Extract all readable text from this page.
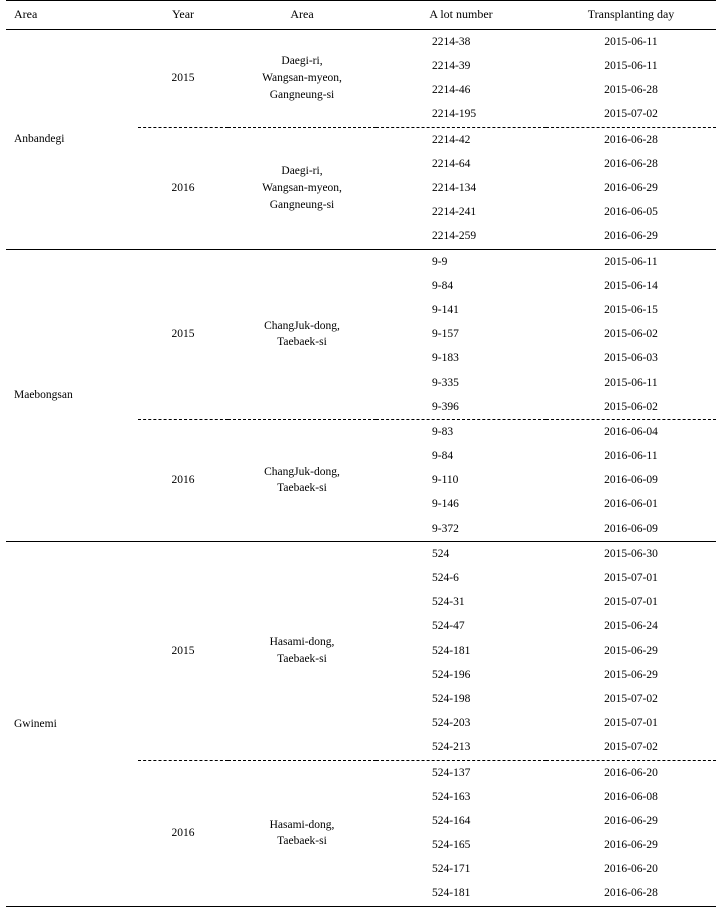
Area	Year	Area	A lot number	Transplanting day
Anbandegi	2015	Daegi-ri,
Wangsan-myeon,
Gangneung-si	2214-38	2015-06-11
			2214-39	2015-06-11
			2214-46	2015-06-28
			2214-195	2015-07-02
	2016	Daegi-ri,
Wangsan-myeon,
Gangneung-si	2214-42	2016-06-28
			2214-64	2016-06-28
			2214-134	2016-06-29
			2214-241	2016-06-05
			2214-259	2016-06-29
Maebongsan	2015	ChangJuk-dong,
Taebaek-si	9-9	2015-06-11
			9-84	2015-06-14
			9-141	2015-06-15
			9-157	2015-06-02
			9-183	2015-06-03
			9-335	2015-06-11
			9-396	2015-06-02
	2016	ChangJuk-dong,
Taebaek-si	9-83	2016-06-04
			9-84	2016-06-11
			9-110	2016-06-09
			9-146	2016-06-01
			9-372	2016-06-09
Gwinemi	2015	Hasami-dong,
Taebaek-si	524	2015-06-30
			524-6	2015-07-01
			524-31	2015-07-01
			524-47	2015-06-24
			524-181	2015-06-29
			524-196	2015-06-29
			524-198	2015-07-02
			524-203	2015-07-01
			524-213	2015-07-02
	2016	Hasami-dong,
Taebaek-si	524-137	2016-06-20
			524-163	2016-06-08
			524-164	2016-06-29
			524-165	2016-06-29
			524-171	2016-06-20
			524-181	2016-06-28
